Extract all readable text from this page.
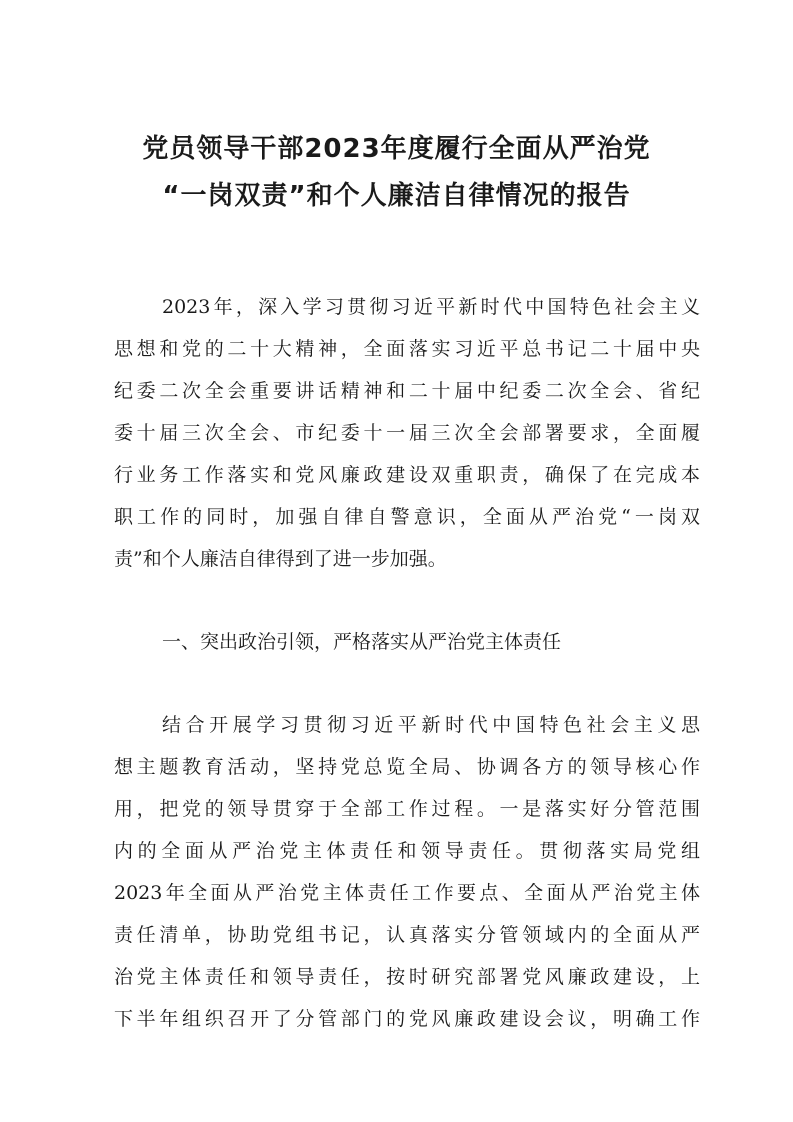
党员领导干部2023年度履行全面从严治党
“一岗双责”和个人廉洁自律情况的报告
2023年，深入学习贯彻习近平新时代中国特色社会主义
思想和党的二十大精神，全面落实习近平总书记二十届中央
纪委二次全会重要讲话精神和二十届中纪委二次全会、省纪
委十届三次全会、市纪委十一届三次全会部署要求，全面履
行业务工作落实和党风廉政建设双重职责，确保了在完成本
职工作的同时，加强自律自警意识，全面从严治党“一岗双
责”和个人廉洁自律得到了进一步加强。
一、突出政治引领，严格落实从严治党主体责任
结合开展学习贯彻习近平新时代中国特色社会主义思
想主题教育活动，坚持党总览全局、协调各方的领导核心作
用，把党的领导贯穿于全部工作过程。一是落实好分管范围
内的全面从严治党主体责任和领导责任。贯彻落实局党组
2023年全面从严治党主体责任工作要点、全面从严治党主体
责任清单，协助党组书记，认真落实分管领域内的全面从严
治党主体责任和领导责任，按时研究部署党风廉政建设，上
下半年组织召开了分管部门的党风廉政建设会议，明确工作
